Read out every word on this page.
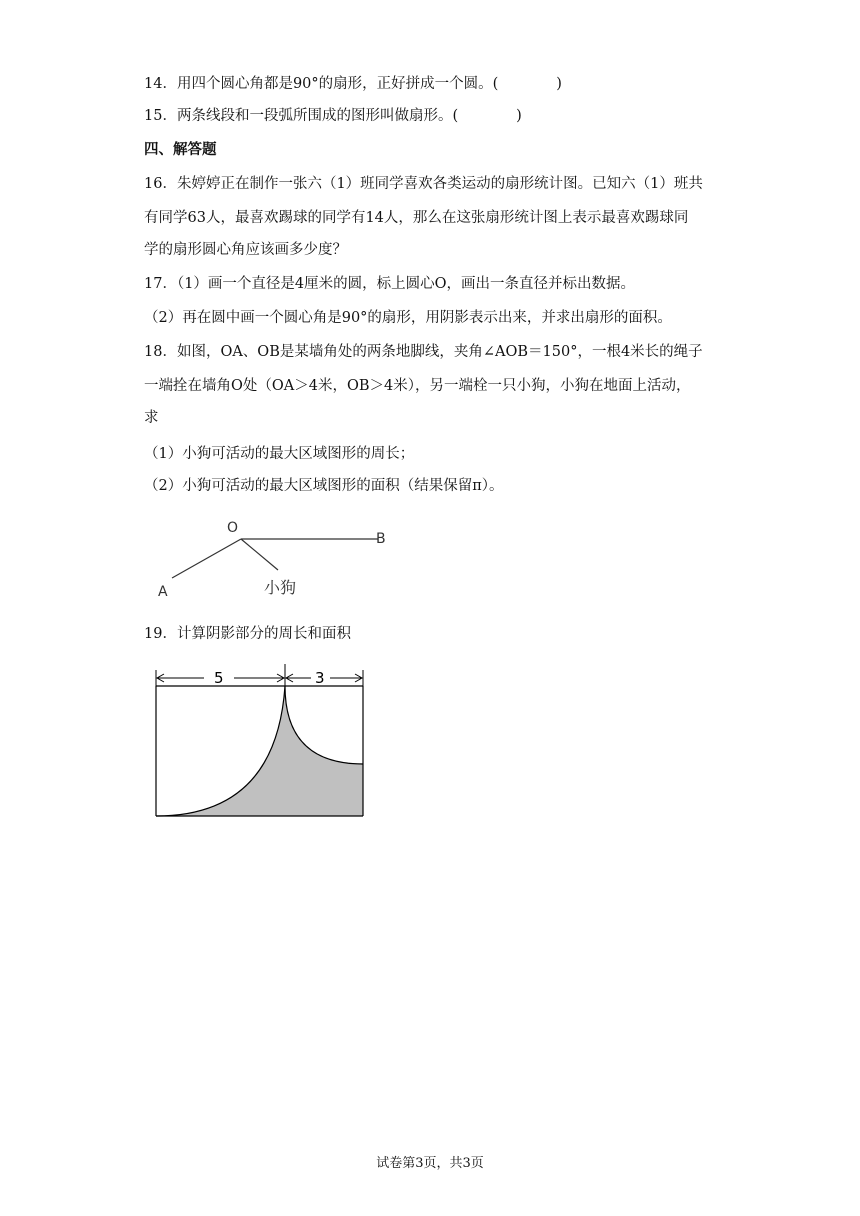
14．用四个圆心角都是90°的扇形，正好拼成一个圆。(　　　　)
15．两条线段和一段弧所围成的图形叫做扇形。(　　　　)
四、解答题
16．朱婷婷正在制作一张六（1）班同学喜欢各类运动的扇形统计图。已知六（1）班共
有同学63人，最喜欢踢球的同学有14人，那么在这张扇形统计图上表示最喜欢踢球同
学的扇形圆心角应该画多少度？
17．（1）画一个直径是4厘米的圆，标上圆心O，画出一条直径并标出数据。
（2）再在圆中画一个圆心角是90°的扇形，用阴影表示出来，并求出扇形的面积。
18．如图，OA、OB是某墙角处的两条地脚线，夹角∠AOB＝150°，一根4米长的绳子
一端拴在墙角O处（OA＞4米，OB＞4米），另一端栓一只小狗，小狗在地面上活动，
求
（1）小狗可活动的最大区域图形的周长；
（2）小狗可活动的最大区域图形的面积（结果保留π）。
O
A
B
小狗
19．计算阴影部分的周长和面积
5	3
试卷第3页，共3页
